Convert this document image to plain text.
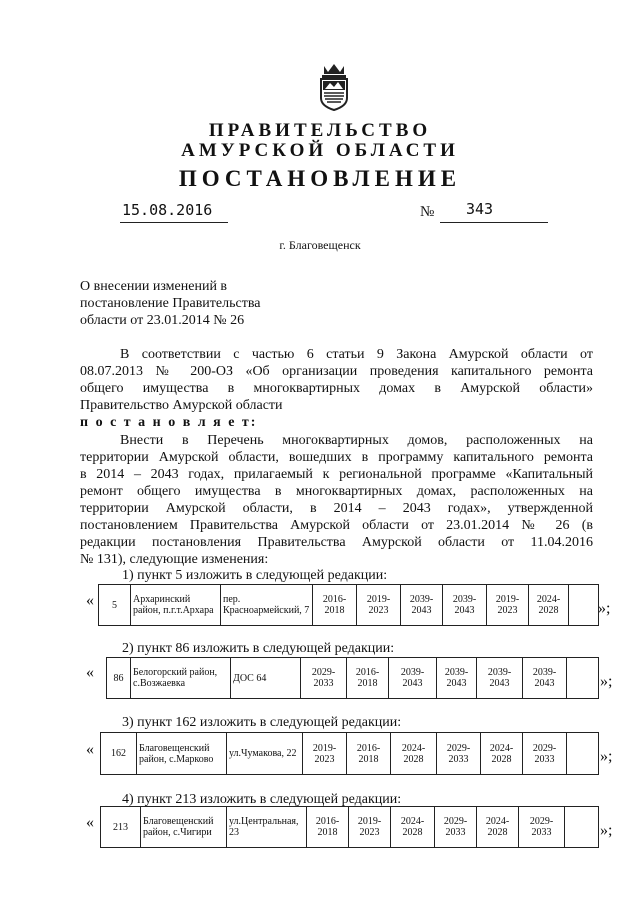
ПРАВИТЕЛЬСТВО
АМУРСКОЙ ОБЛАСТИ
ПОСТАНОВЛЕНИЕ
15.08.2016	№ 343
г. Благовещенск
О внесении изменений в
постановление Правительства
области от 23.01.2014 № 26
В соответствии с частью 6 статьи 9 Закона Амурской области от
08.07.2013 № 200-ОЗ «Об организации проведения капитального ремонта
общего имущества в многоквартирных домах в Амурской области»
Правительство Амурской области
п о с т а н о в л я е т:
Внести в Перечень многоквартирных домов, расположенных на
территории Амурской области, вошедших в программу капитального ремонта
в 2014 – 2043 годах, прилагаемый к региональной программе «Капитальный
ремонт общего имущества в многоквартирных домах, расположенных на
территории Амурской области, в 2014 – 2043 годах», утвержденной
постановлением Правительства Амурской области от 23.01.2014 № 26 (в
редакции постановления Правительства Амурской области от 11.04.2016
№ 131), следующие изменения:
1) пункт 5 изложить в следующей редакции:
« 5	Архаринский район, п.г.т.Архара	пер. Красноармейский, 7	2016-2018	2019-2023	2039-2043	2039-2043	2019-2023	2024-2028	»;
2) пункт 86 изложить в следующей редакции:
« 86	Белогорский район, с.Возжаевка	ДОС 64	2029-2033	2016-2018	2039-2043	2039-2043	2039-2043	2039-2043		»;
3) пункт 162 изложить в следующей редакции:
« 162	Благовещенский район, с.Марково	ул.Чумакова, 22	2019-2023	2016-2018	2024-2028	2029-2033	2024-2028	2029-2033		»;
4) пункт 213 изложить в следующей редакции:
« 213	Благовещенский район, с.Чигири	ул.Центральная, 23	2016-2018	2019-2023	2024-2028	2029-2033	2024-2028	2029-2033		»;
